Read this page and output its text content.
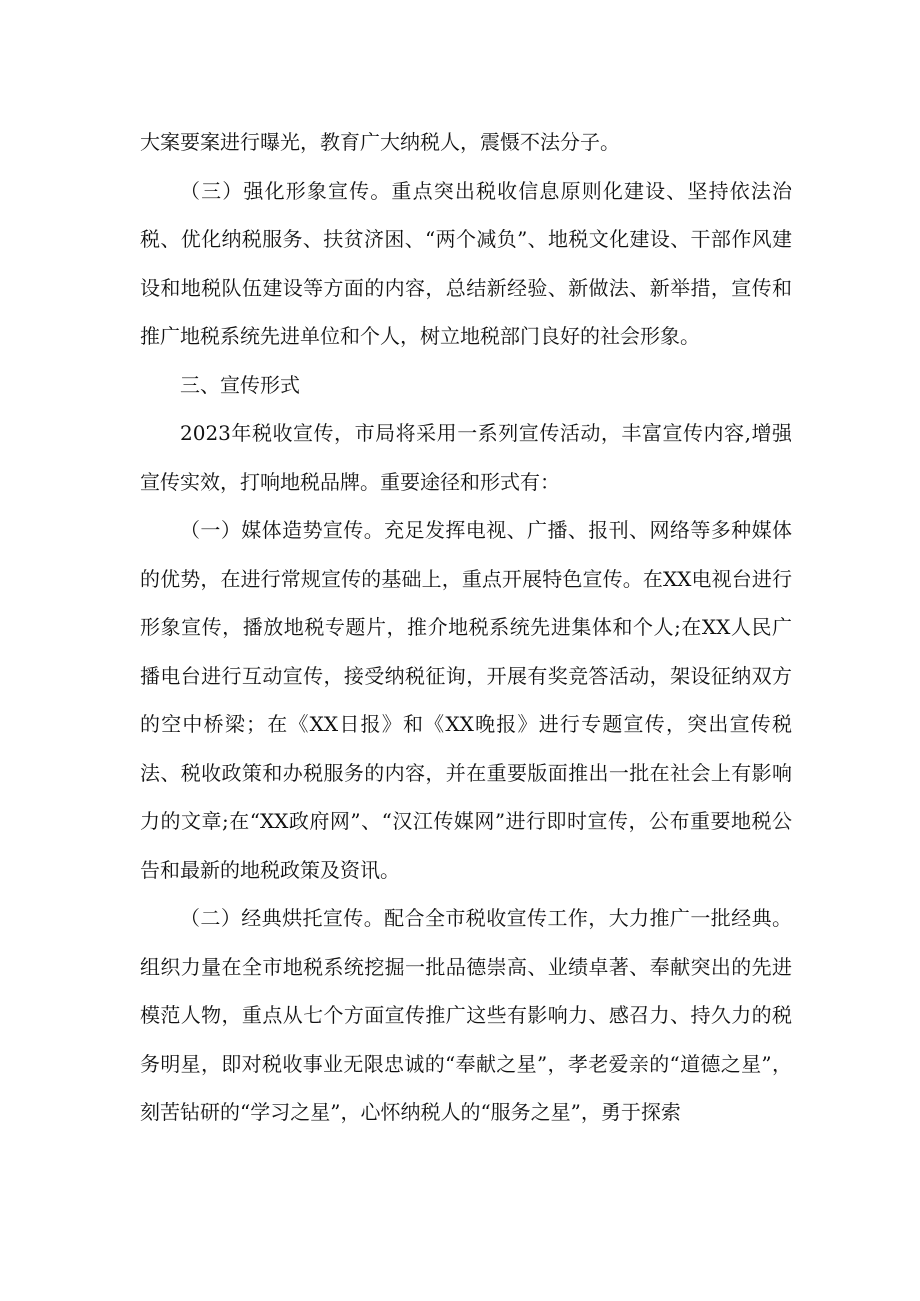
大案要案进行曝光，教育广大纳税人，震慑不法分子。

（三）强化形象宣传。重点突出税收信息原则化建设、坚持依法治税、优化纳税服务、扶贫济困、“两个减负”、地税文化建设、干部作风建设和地税队伍建设等方面的内容，总结新经验、新做法、新举措，宣传和推广地税系统先进单位和个人，树立地税部门良好的社会形象。

三、宣传形式

2023年税收宣传，市局将采用一系列宣传活动，丰富宣传内容,增强宣传实效，打响地税品牌。重要途径和形式有：

（一）媒体造势宣传。充足发挥电视、广播、报刊、网络等多种媒体的优势，在进行常规宣传的基础上，重点开展特色宣传。在XX电视台进行形象宣传，播放地税专题片，推介地税系统先进集体和个人;在XX人民广播电台进行互动宣传，接受纳税征询，开展有奖竞答活动，架设征纳双方的空中桥梁；在《XX日报》和《XX晚报》进行专题宣传，突出宣传税法、税收政策和办税服务的内容，并在重要版面推出一批在社会上有影响力的文章;在“XX政府网”、“汉江传媒网”进行即时宣传，公布重要地税公告和最新的地税政策及资讯。

（二）经典烘托宣传。配合全市税收宣传工作，大力推广一批经典。组织力量在全市地税系统挖掘一批品德崇高、业绩卓著、奉献突出的先进模范人物，重点从七个方面宣传推广这些有影响力、感召力、持久力的税务明星，即对税收事业无限忠诚的“奉献之星”，孝老爱亲的“道德之星”，刻苦钻研的“学习之星”，心怀纳税人的“服务之星”，勇于探索
